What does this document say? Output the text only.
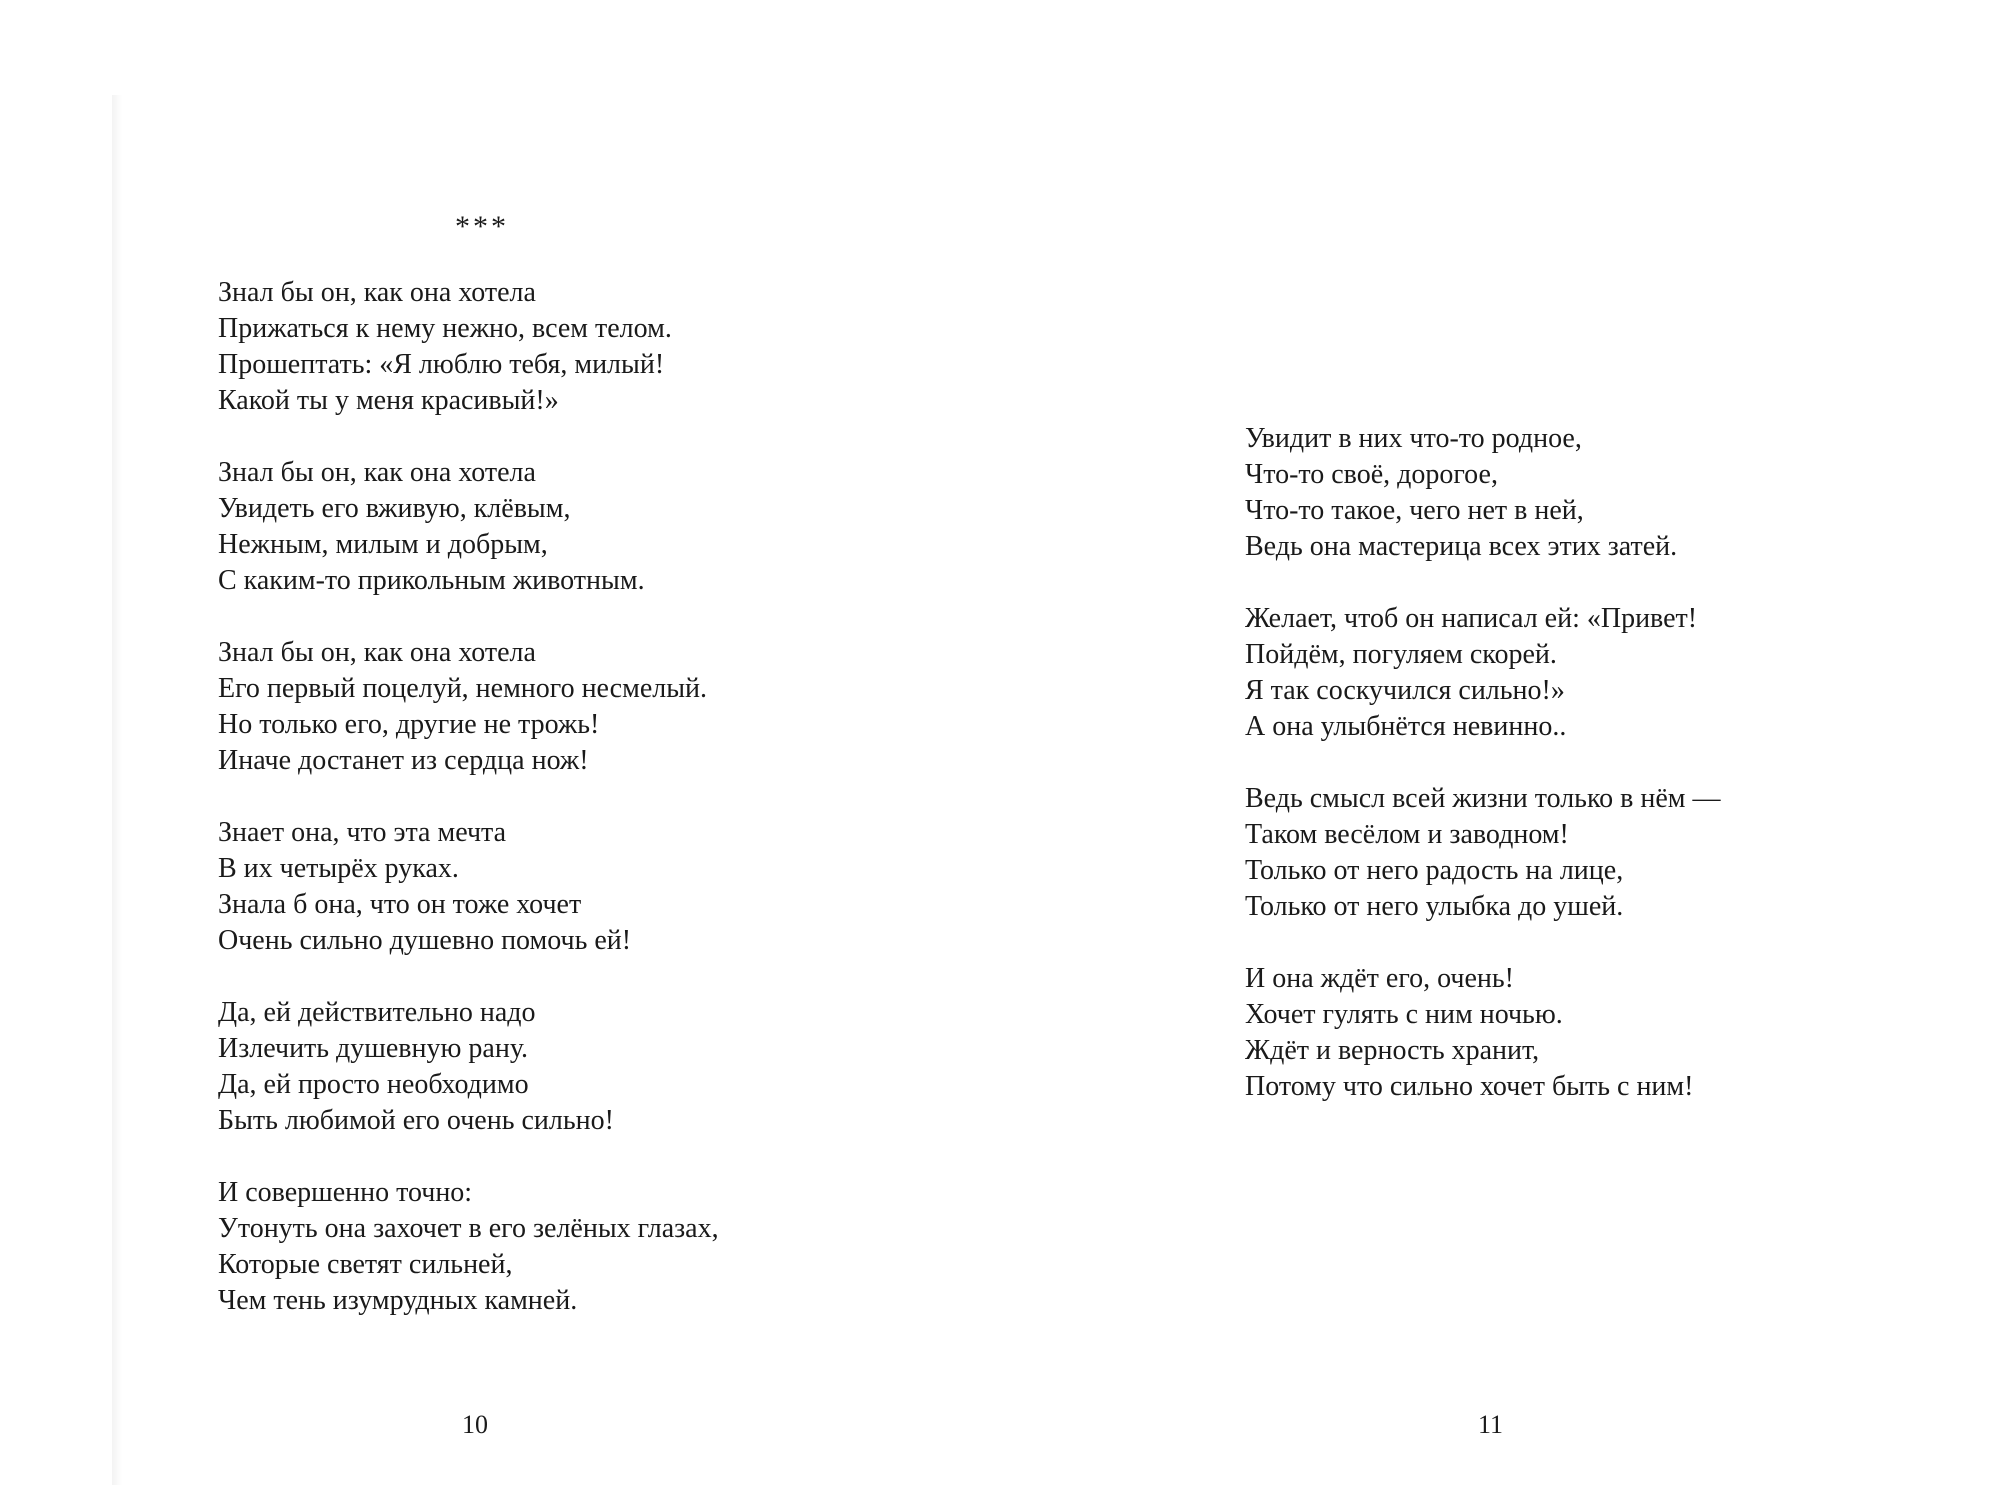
***
Знал бы он, как она хотела
Прижаться к нему нежно, всем телом.
Прошептать: «Я люблю тебя, милый!
Какой ты у меня красивый!»
Знал бы он, как она хотела
Увидеть его вживую, клёвым,
Нежным, милым и добрым,
С каким-то прикольным животным.
Знал бы он, как она хотела
Его первый поцелуй, немного несмелый.
Но только его, другие не трожь!
Иначе достанет из сердца нож!
Знает она, что эта мечта
В их четырёх руках.
Знала б она, что он тоже хочет
Очень сильно душевно помочь ей!
Да, ей действительно надо
Излечить душевную рану.
Да, ей просто необходимо
Быть любимой его очень сильно!
И совершенно точно:
Утонуть она захочет в его зелёных глазах,
Которые светят сильней,
Чем тень изумрудных камней.
10
Увидит в них что-то родное,
Что-то своё, дорогое,
Что-то такое, чего нет в ней,
Ведь она мастерица всех этих затей.
Желает, чтоб он написал ей: «Привет!
Пойдём, погуляем скорей.
Я так соскучился сильно!»
А она улыбнётся невинно..
Ведь смысл всей жизни только в нём —
Таком весёлом и заводном!
Только от него радость на лице,
Только от него улыбка до ушей.
И она ждёт его, очень!
Хочет гулять с ним ночью.
Ждёт и верность хранит,
Потому что сильно хочет быть с ним!
11
